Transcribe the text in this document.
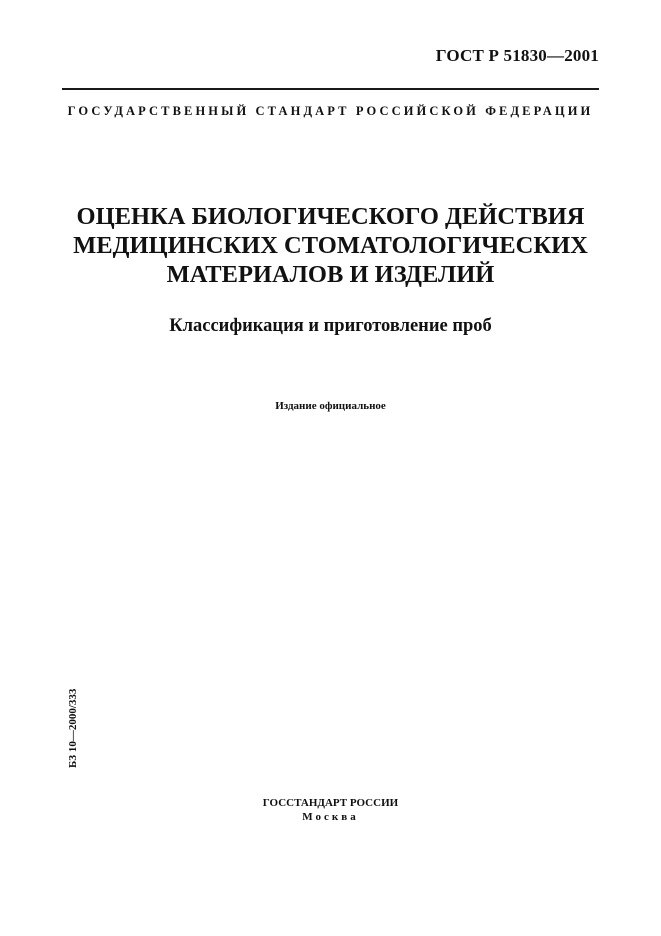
ГОСТ Р 51830—2001
ГОСУДАРСТВЕННЫЙ СТАНДАРТ РОССИЙСКОЙ ФЕДЕРАЦИИ
ОЦЕНКА БИОЛОГИЧЕСКОГО ДЕЙСТВИЯ
МЕДИЦИНСКИХ СТОМАТОЛОГИЧЕСКИХ
МАТЕРИАЛОВ И ИЗДЕЛИЙ
Классификация и приготовление проб
Издание официальное
БЗ 10—2000/333
ГОССТАНДАРТ РОССИИ
Москва
